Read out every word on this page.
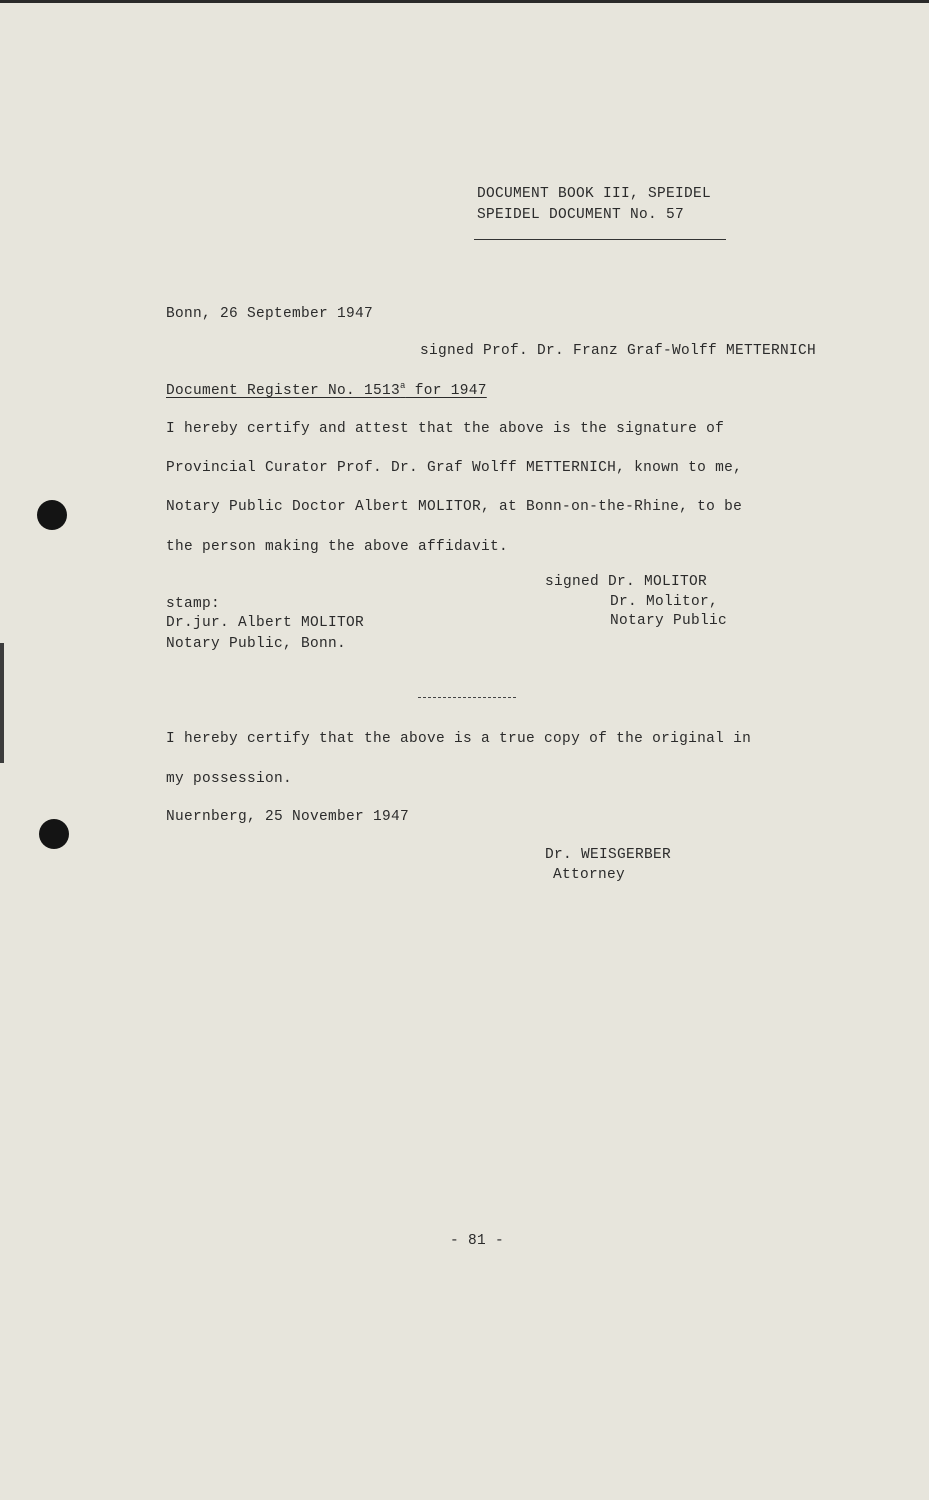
DOCUMENT BOOK III, SPEIDEL
SPEIDEL DOCUMENT No. 57
Bonn, 26 September 1947
signed Prof. Dr. Franz Graf-Wolff METTERNICH
Document Register No. 1513$^a$ for 1947
I hereby certify and attest that the above is the signature of
Provincial Curator Prof. Dr. Graf Wolff METTERNICH, known to me,
Notary Public Doctor Albert MOLITOR, at Bonn-on-the-Rhine, to be
the person making the above affidavit.
signed Dr. MOLITOR
Dr. Molitor,
Notary Public
stamp:
Dr.jur. Albert MOLITOR
Notary Public, Bonn.
I hereby certify that the above is a true copy of the original in
my possession.
Nuernberg, 25 November 1947
Dr. WEISGERBER
Attorney
- 81 -
